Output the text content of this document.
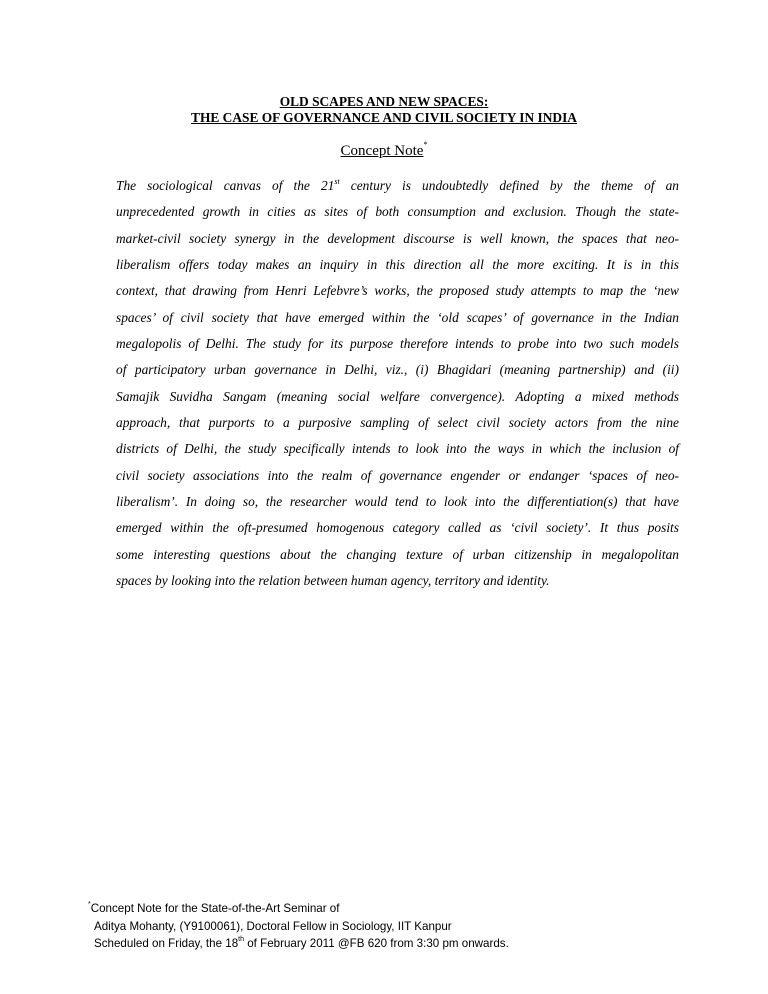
OLD SCAPES AND NEW SPACES:
THE CASE OF GOVERNANCE AND CIVIL SOCIETY IN INDIA
Concept Note*
The sociological canvas of the 21st century is undoubtedly defined by the theme of an
unprecedented growth in cities as sites of both consumption and exclusion. Though the state-
market-civil society synergy in the development discourse is well known, the spaces that neo-
liberalism offers today makes an inquiry in this direction all the more exciting. It is in this
context, that drawing from Henri Lefebvre’s works, the proposed study attempts to map the ‘new
spaces’ of civil society that have emerged within the ‘old scapes’ of governance in the Indian
megalopolis of Delhi. The study for its purpose therefore intends to probe into two such models
of participatory urban governance in Delhi, viz., (i) Bhagidari (meaning partnership) and (ii)
Samajik Suvidha Sangam (meaning social welfare convergence). Adopting a mixed methods
approach, that purports to a purposive sampling of select civil society actors from the nine
districts of Delhi, the study specifically intends to look into the ways in which the inclusion of
civil society associations into the realm of governance engender or endanger ‘spaces of neo-
liberalism’. In doing so, the researcher would tend to look into the differentiation(s) that have
emerged within the oft-presumed homogenous category called as ‘civil society’. It thus posits
some interesting questions about the changing texture of urban citizenship in megalopolitan
spaces by looking into the relation between human agency, territory and identity.
*Concept Note for the State-of-the-Art Seminar of
Aditya Mohanty, (Y9100061), Doctoral Fellow in Sociology, IIT Kanpur
Scheduled on Friday, the 18th of February 2011 @FB 620 from 3:30 pm onwards.
